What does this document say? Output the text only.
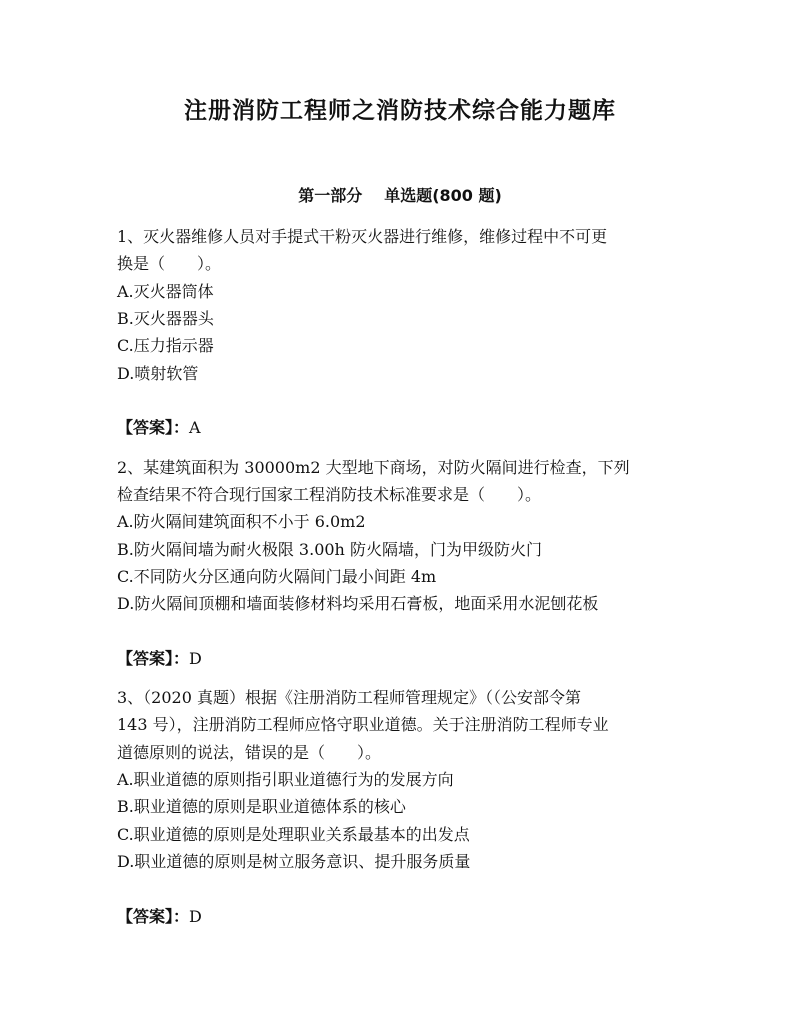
注册消防工程师之消防技术综合能力题库
第一部分 单选题(800 题)
1、灭火器维修人员对手提式干粉灭火器进行维修，维修过程中不可更
换是（　　）。
A.灭火器筒体
B.灭火器器头
C.压力指示器
D.喷射软管
【答案】：A
2、某建筑面积为 30000m2 大型地下商场，对防火隔间进行检查，下列
检查结果不符合现行国家工程消防技术标准要求是（　　）。
A.防火隔间建筑面积不小于 6.0m2
B.防火隔间墙为耐火极限 3.00h 防火隔墙，门为甲级防火门
C.不同防火分区通向防火隔间门最小间距 4m
D.防火隔间顶棚和墙面装修材料均采用石膏板，地面采用水泥刨花板
【答案】：D
3、（2020 真题）根据《注册消防工程师管理规定》（（公安部令第
143 号），注册消防工程师应恪守职业道德。关于注册消防工程师专业
道德原则的说法，错误的是（　　）。
A.职业道德的原则指引职业道德行为的发展方向
B.职业道德的原则是职业道德体系的核心
C.职业道德的原则是处理职业关系最基本的出发点
D.职业道德的原则是树立服务意识、提升服务质量
【答案】：D
